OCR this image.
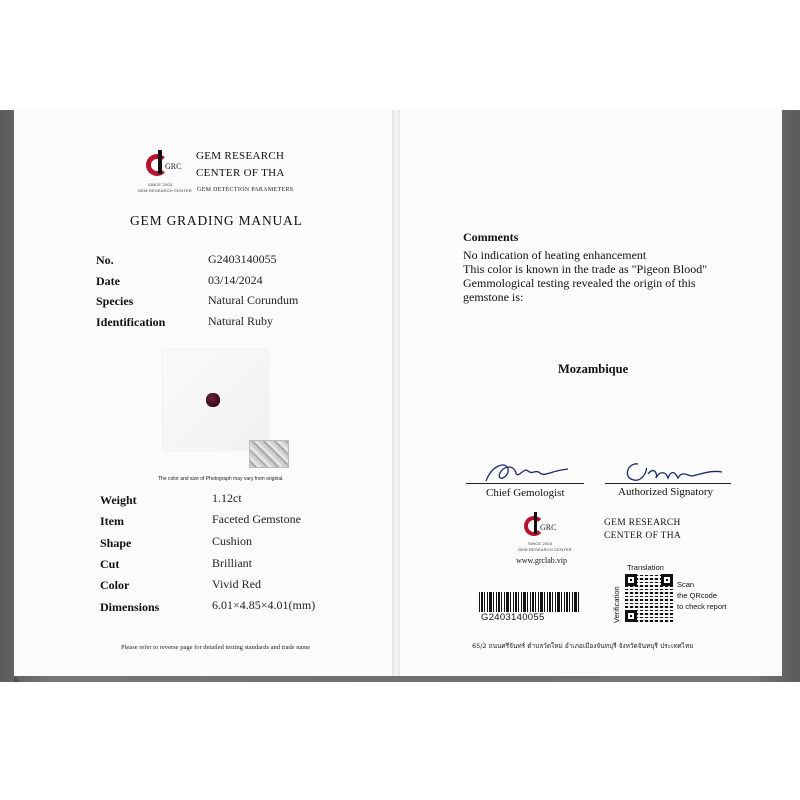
GRC
SINCE 2003
GEM RESEARCH CENTER
GEM RESEARCH
CENTER OF THA
GEM DETECTION PARAMETERS
GEM GRADING MANUAL
No.	G2403140055
Date	03/14/2024
Species	Natural Corundum
Identification	Natural Ruby
The color and size of Photograph may vary from original.
Weight	1.12ct
Item	Faceted Gemstone
Shape	Cushion
Cut	Brilliant
Color	Vivid Red
Dimensions	6.01×4.85×4.01(mm)
Please refer to reverse page for detailed testing standards and trade name
Comments
No indication of heating enhancement
This color is known in the trade as "Pigeon Blood"
Gemmological testing revealed the origin of this
gemstone is:
Mozambique
Chief Gemologist	Authorized Signatory
GRC
SINCE 2003
GEM RESEARCH CENTER
www.grclab.vip
GEM RESEARCH
CENTER OF THA
G2403140055
Translation
Verification
Scan
the QRcode
to check report
65/2 ถนนศรีจันทร์ ตำบลวัดใหม่ อำเภอเมืองจันทบุรี จังหวัดจันทบุรี ประเทศไทย
